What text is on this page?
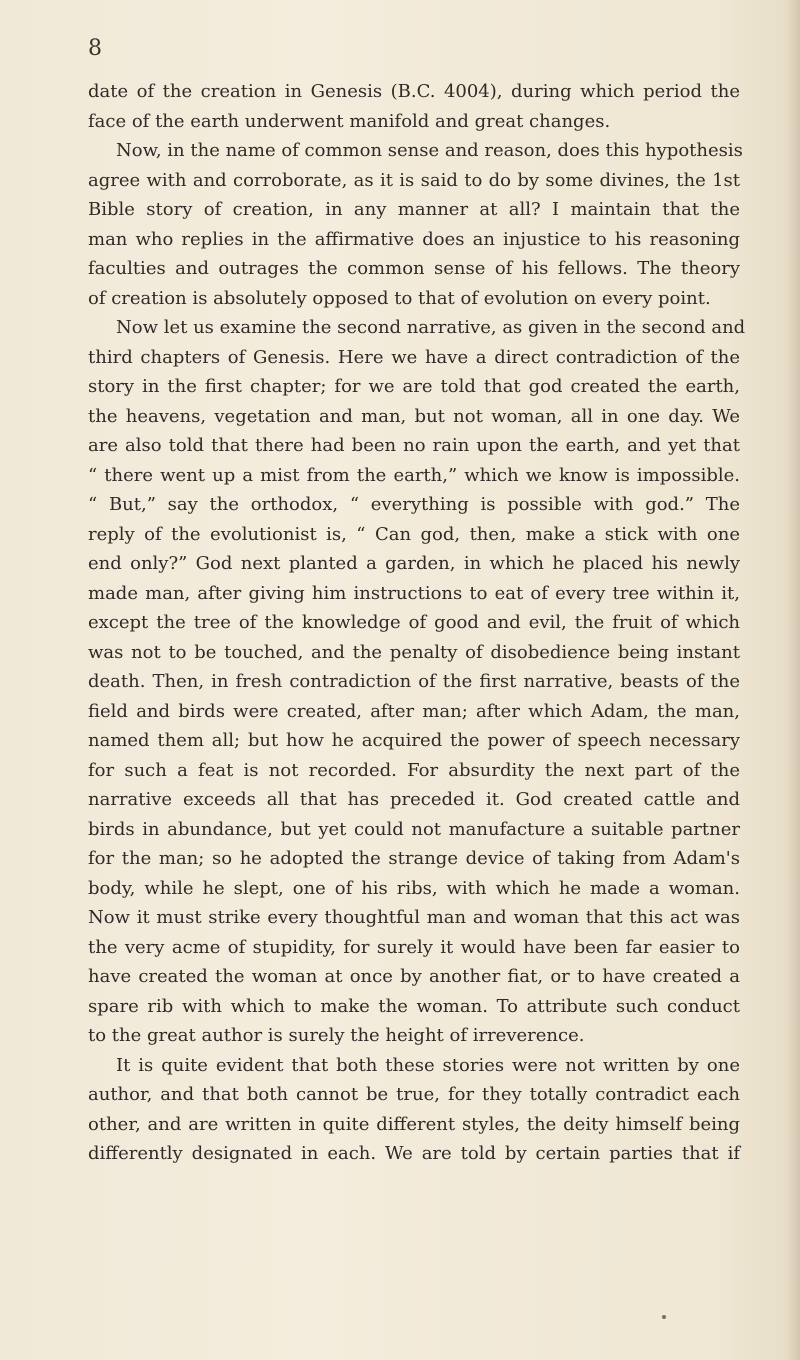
8
date of the creation in Genesis (B.C. 4004), during which period the
face of the earth underwent manifold and great changes.
Now, in the name of common sense and reason, does this hypothesis
agree with and corroborate, as it is said to do by some divines, the 1st
Bible story of creation, in any manner at all? I maintain that the
man who replies in the affirmative does an injustice to his reasoning
faculties and outrages the common sense of his fellows. The theory
of creation is absolutely opposed to that of evolution on every point.
Now let us examine the second narrative, as given in the second and
third chapters of Genesis. Here we have a direct contradiction of the
story in the first chapter; for we are told that god created the earth,
the heavens, vegetation and man, but not woman, all in one day. We
are also told that there had been no rain upon the earth, and yet that
“ there went up a mist from the earth,” which we know is impossible.
“ But,” say the orthodox, “ everything is possible with god.” The
reply of the evolutionist is, “ Can god, then, make a stick with one
end only?” God next planted a garden, in which he placed his newly
made man, after giving him instructions to eat of every tree within it,
except the tree of the knowledge of good and evil, the fruit of which
was not to be touched, and the penalty of disobedience being instant
death. Then, in fresh contradiction of the first narrative, beasts of the
field and birds were created, after man; after which Adam, the man,
named them all; but how he acquired the power of speech necessary
for such a feat is not recorded. For absurdity the next part of the
narrative exceeds all that has preceded it. God created cattle and
birds in abundance, but yet could not manufacture a suitable partner
for the man; so he adopted the strange device of taking from Adam's
body, while he slept, one of his ribs, with which he made a woman.
Now it must strike every thoughtful man and woman that this act was
the very acme of stupidity, for surely it would have been far easier to
have created the woman at once by another fiat, or to have created a
spare rib with which to make the woman. To attribute such conduct
to the great author is surely the height of irreverence.
It is quite evident that both these stories were not written by one
author, and that both cannot be true, for they totally contradict each
other, and are written in quite different styles, the deity himself being
differently designated in each. We are told by certain parties that if
